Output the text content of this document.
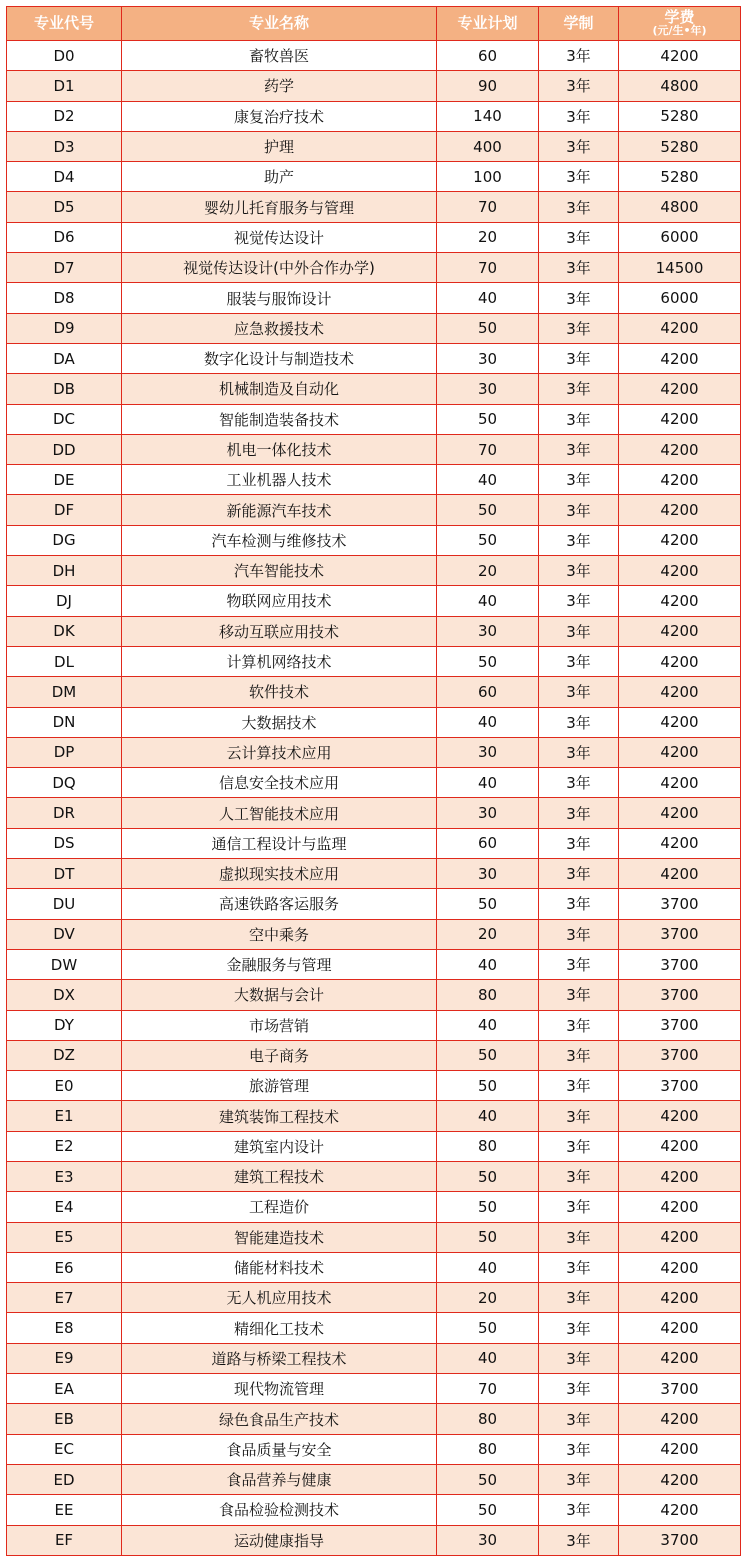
专业代号	专业名称	专业计划	学制	学费
(元/生•年)

D0	畜牧兽医	60	3年	4200
D1	药学	90	3年	4800
D2	康复治疗技术	140	3年	5280
D3	护理	400	3年	5280
D4	助产	100	3年	5280
D5	婴幼儿托育服务与管理	70	3年	4800
D6	视觉传达设计	20	3年	6000
D7	视觉传达设计(中外合作办学)	70	3年	14500
D8	服装与服饰设计	40	3年	6000
D9	应急救援技术	50	3年	4200
DA	数字化设计与制造技术	30	3年	4200
DB	机械制造及自动化	30	3年	4200
DC	智能制造装备技术	50	3年	4200
DD	机电一体化技术	70	3年	4200
DE	工业机器人技术	40	3年	4200
DF	新能源汽车技术	50	3年	4200
DG	汽车检测与维修技术	50	3年	4200
DH	汽车智能技术	20	3年	4200
DJ	物联网应用技术	40	3年	4200
DK	移动互联应用技术	30	3年	4200
DL	计算机网络技术	50	3年	4200
DM	软件技术	60	3年	4200
DN	大数据技术	40	3年	4200
DP	云计算技术应用	30	3年	4200
DQ	信息安全技术应用	40	3年	4200
DR	人工智能技术应用	30	3年	4200
DS	通信工程设计与监理	60	3年	4200
DT	虚拟现实技术应用	30	3年	4200
DU	高速铁路客运服务	50	3年	3700
DV	空中乘务	20	3年	3700
DW	金融服务与管理	40	3年	3700
DX	大数据与会计	80	3年	3700
DY	市场营销	40	3年	3700
DZ	电子商务	50	3年	3700
E0	旅游管理	50	3年	3700
E1	建筑装饰工程技术	40	3年	4200
E2	建筑室内设计	80	3年	4200
E3	建筑工程技术	50	3年	4200
E4	工程造价	50	3年	4200
E5	智能建造技术	50	3年	4200
E6	储能材料技术	40	3年	4200
E7	无人机应用技术	20	3年	4200
E8	精细化工技术	50	3年	4200
E9	道路与桥梁工程技术	40	3年	4200
EA	现代物流管理	70	3年	3700
EB	绿色食品生产技术	80	3年	4200
EC	食品质量与安全	80	3年	4200
ED	食品营养与健康	50	3年	4200
EE	食品检验检测技术	50	3年	4200
EF	运动健康指导	30	3年	3700
